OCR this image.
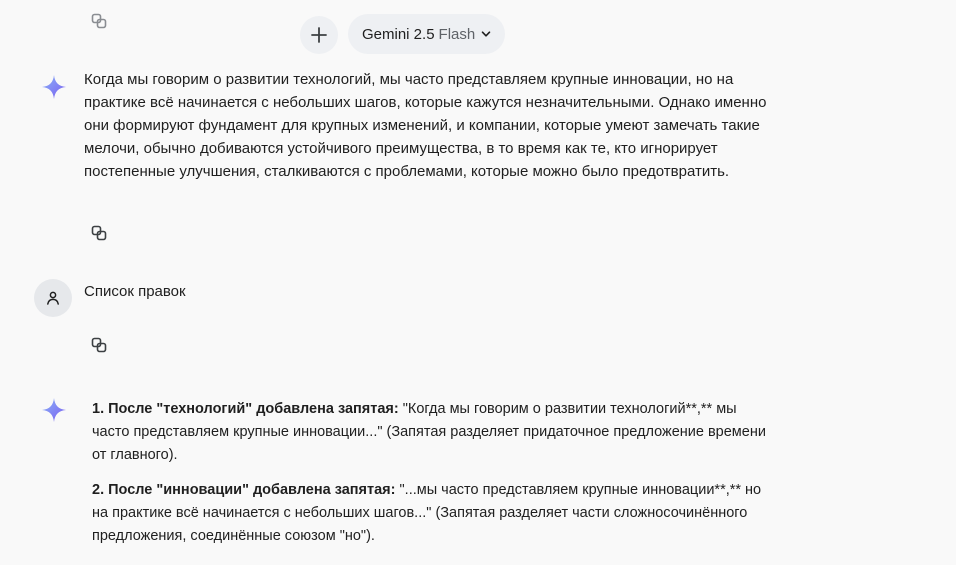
Gemini 2.5 Flash

Когда мы говорим о развитии технологий, мы часто представляем крупные инновации, но на практике всё начинается с небольших шагов, которые кажутся незначительными. Однако именно они формируют фундамент для крупных изменений, и компании, которые умеют замечать такие мелочи, обычно добиваются устойчивого преимущества, в то время как те, кто игнорирует постепенные улучшения, сталкиваются с проблемами, которые можно было предотвратить.

Список правок

1. После "технологий" добавлена запятая: "Когда мы говорим о развитии технологий**,** мы часто представляем крупные инновации..." (Запятая разделяет придаточное предложение времени от главного).

2. После "инновации" добавлена запятая: "...мы часто представляем крупные инновации**,** но на практике всё начинается с небольших шагов..." (Запятая разделяет части сложносочинённого предложения, соединённые союзом "но").
